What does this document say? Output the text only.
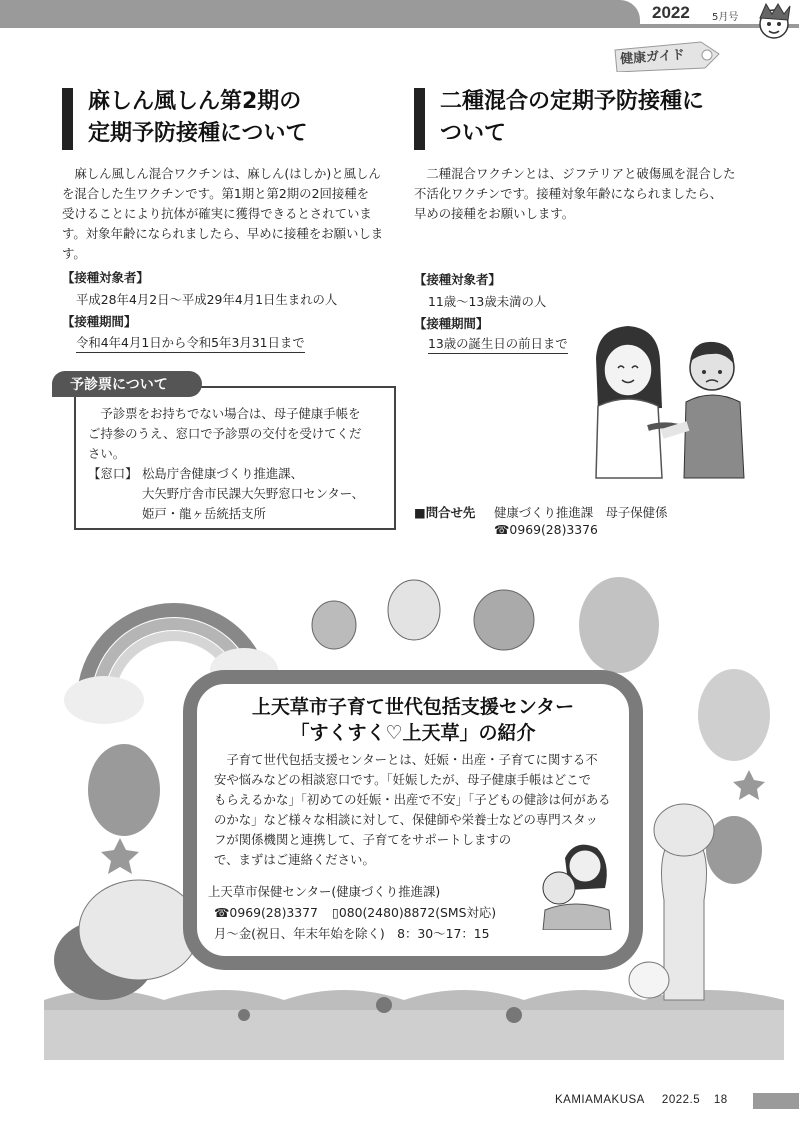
2022 5月号
健康ガイド
麻しん風しん第2期の
定期予防接種について
麻しん風しん混合ワクチンは、麻しん(はしか)と風しん
を混合した生ワクチンです。第1期と第2期の2回接種を
受けることにより抗体が確実に獲得できるとされていま
す。対象年齢になられましたら、早めに接種をお願いしま
す。
【接種対象者】
平成28年4月2日～平成29年4月1日生まれの人
【接種期間】
令和4年4月1日から令和5年3月31日まで
予診票について
予診票をお持ちでない場合は、母子健康手帳を
ご持参のうえ、窓口で予診票の交付を受けてくだ
さい。
【窓口】 松島庁舎健康づくり推進課、
大矢野庁舎市民課大矢野窓口センター、
姫戸・龍ヶ岳統括支所
二種混合の定期予防接種に
ついて
二種混合ワクチンとは、ジフテリアと破傷風を混合した
不活化ワクチンです。接種対象年齢になられましたら、
早めの接種をお願いします。
【接種対象者】
11歳～13歳未満の人
【接種期間】
13歳の誕生日の前日まで
■問合せ先 健康づくり推進課　母子保健係
☎0969(28)3376
上天草市子育て世代包括支援センター
「すくすく♡上天草」の紹介
子育て世代包括支援センターとは、妊娠・出産・子育てに関する不
安や悩みなどの相談窓口です。「妊娠したが、母子健康手帳はどこで
もらえるかな」「初めての妊娠・出産で不安」「子どもの健診は何がある
のかな」など様々な相談に対して、保健師や栄養士などの専門スタッ
フが関係機関と連携して、子育てをサポートしますの
で、まずはご連絡ください。
上天草市保健センター(健康づくり推進課)
☎0969(28)3377 ▯080(2480)8872(SMS対応)
月～金(祝日、年末年始を除く)　8：30～17：15
KAMIAMAKUSA 2022.5 18
